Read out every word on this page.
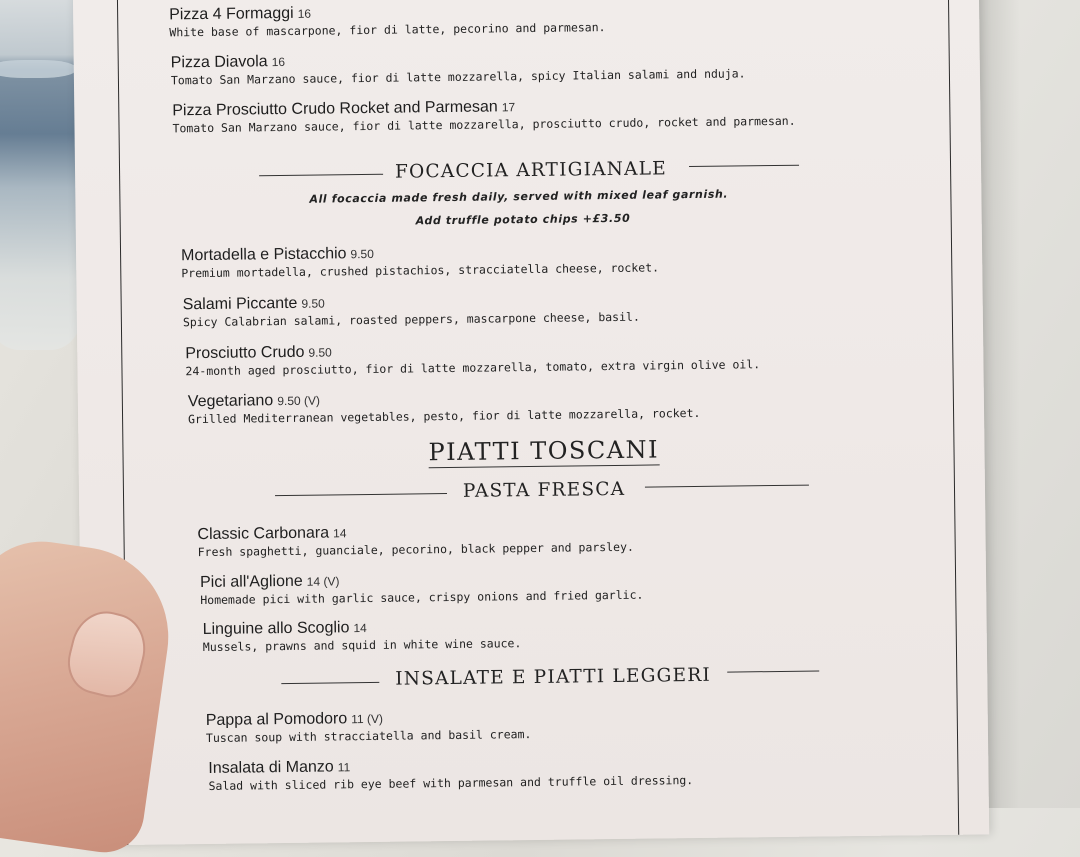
Pizza 4 Formaggi 16
White base of mascarpone, fior di latte, pecorino and parmesan.
Pizza Diavola 16
Tomato San Marzano sauce, fior di latte mozzarella, spicy Italian salami and nduja.
Pizza Prosciutto Crudo Rocket and Parmesan 17
Tomato San Marzano sauce, fior di latte mozzarella, prosciutto crudo, rocket and parmesan.
FOCACCIA ARTIGIANALE
All focaccia made fresh daily, served with mixed leaf garnish.
Add truffle potato chips +£3.50
Mortadella e Pistacchio 9.50
Premium mortadella, crushed pistachios, stracciatella cheese, rocket.
Salami Piccante 9.50
Spicy Calabrian salami, roasted peppers, mascarpone cheese, basil.
Prosciutto Crudo 9.50
24-month aged prosciutto, fior di latte mozzarella, tomato, extra virgin olive oil.
Vegetariano 9.50 (V)
Grilled Mediterranean vegetables, pesto, fior di latte mozzarella, rocket.
PIATTI TOSCANI
PASTA FRESCA
Classic Carbonara 14
Fresh spaghetti, guanciale, pecorino, black pepper and parsley.
Pici all'Aglione 14 (V)
Homemade pici with garlic sauce, crispy onions and fried garlic.
Linguine allo Scoglio 14
Mussels, prawns and squid in white wine sauce.
INSALATE E PIATTI LEGGERI
Pappa al Pomodoro 11 (V)
Tuscan soup with stracciatella and basil cream.
Insalata di Manzo 11
Salad with sliced rib eye beef with parmesan and truffle oil dressing.
